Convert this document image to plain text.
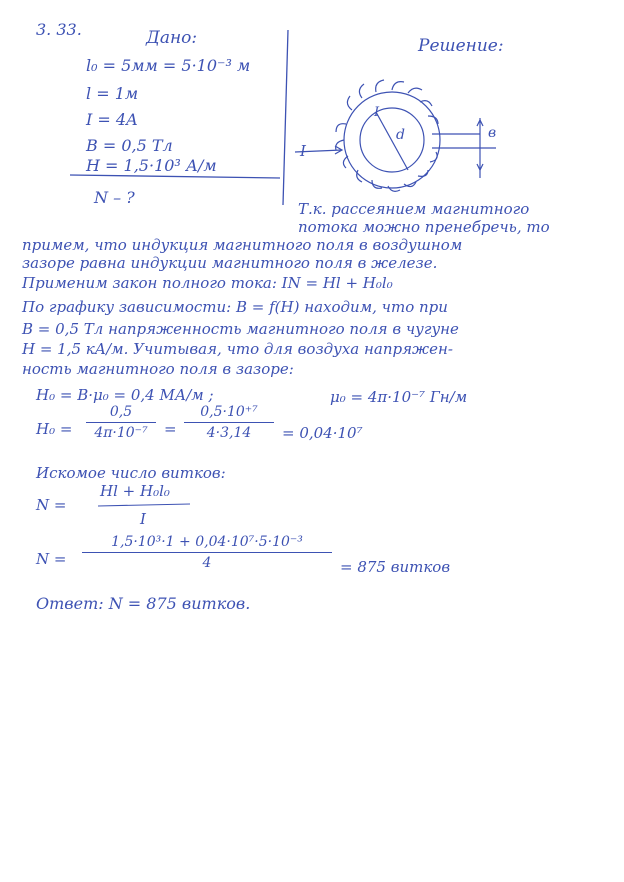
3. 33.	Дано:
l₀ = 5мм = 5·10⁻³ м
l = 1м
I = 4A
B = 0,5 Тл
H = 1,5·10³ А/м
N – ?
Решение:
I
d	в
I
Т.к. рассеянием магнитного
потока можно пренебречь, то
примем, что индукция магнитного поля в воздушном
зазоре равна индукции магнитного поля в железе.
Применим закон полного тока: IN = Hl + H₀l₀
По графику зависимости: B = f(H) находим, что при
B = 0,5 Тл напряженность магнитного поля в чугуне
H = 1,5 кА/м. Учитывая, что для воздуха напряжен-
ность магнитного поля в зазоре:
H₀ = B·μ₀ = 0,4 МА/м ;	μ₀ = 4π·10⁻⁷ Гн/м
H₀ =
0,5
4π·10⁻⁷	=
0,5·10⁺⁷
4·3,14	= 0,04·10⁷
Искомое число витков:
N =
Hl + H₀l₀
I
N =
1,5·10³·1 + 0,04·10⁷·5·10⁻³
4	= 875 витков
Ответ: N = 875 витков.
